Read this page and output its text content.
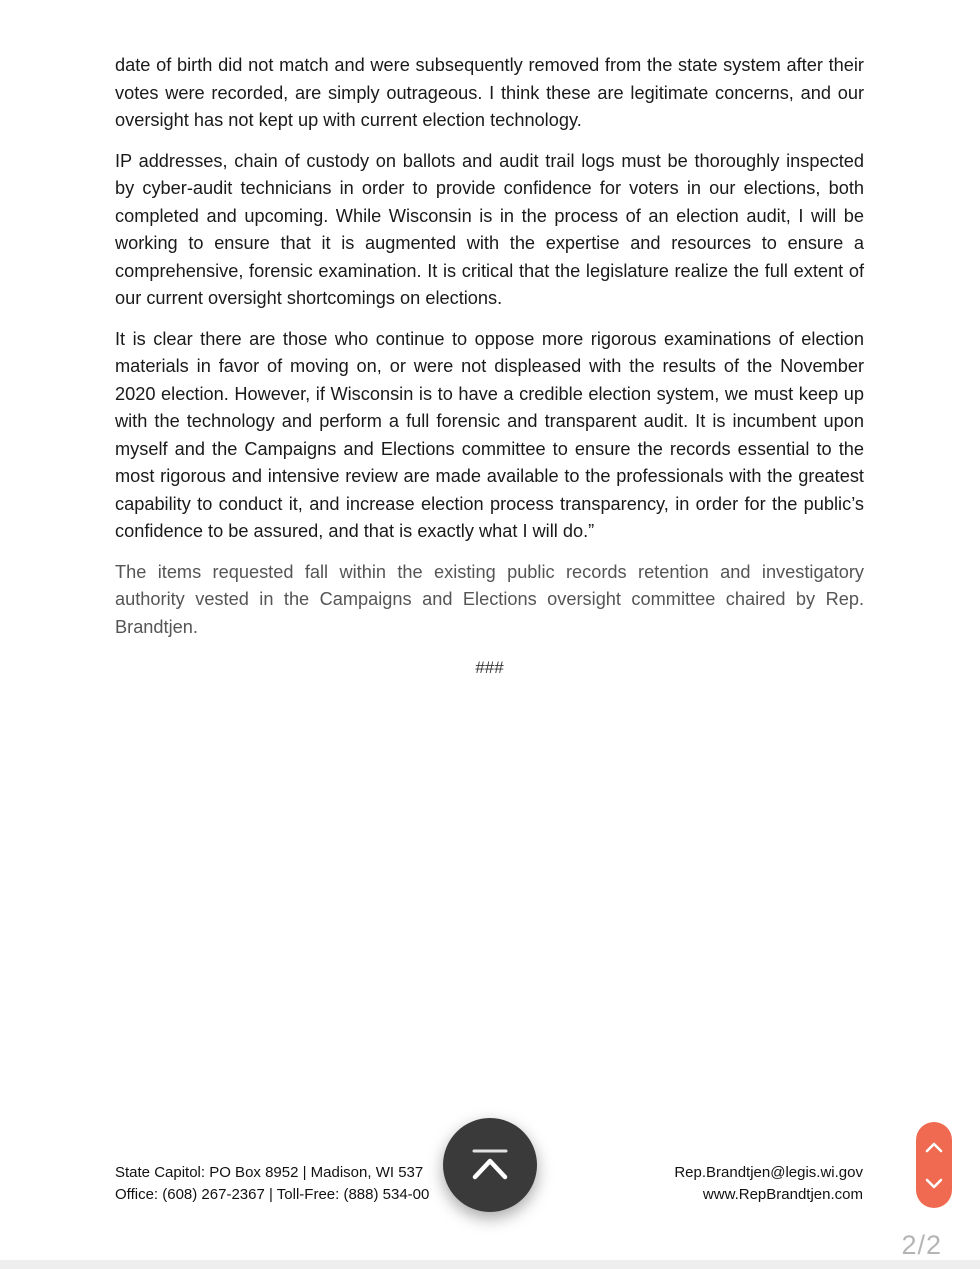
date of birth did not match and were subsequently removed from the state system after their votes were recorded, are simply outrageous. I think these are legitimate concerns, and our oversight has not kept up with current election technology.

IP addresses, chain of custody on ballots and audit trail logs must be thoroughly inspected by cyber-audit technicians in order to provide confidence for voters in our elections, both completed and upcoming. While Wisconsin is in the process of an election audit, I will be working to ensure that it is augmented with the expertise and resources to ensure a comprehensive, forensic examination. It is critical that the legislature realize the full extent of our current oversight shortcomings on elections.

It is clear there are those who continue to oppose more rigorous examinations of election materials in favor of moving on, or were not displeased with the results of the November 2020 election. However, if Wisconsin is to have a credible election system, we must keep up with the technology and perform a full forensic and transparent audit. It is incumbent upon myself and the Campaigns and Elections committee to ensure the records essential to the most rigorous and intensive review are made available to the professionals with the greatest capability to conduct it, and increase election process transparency, in order for the public’s confidence to be assured, and that is exactly what I will do.”

The items requested fall within the existing public records retention and investigatory authority vested in the Campaigns and Elections oversight committee chaired by Rep. Brandtjen.

###

State Capitol: PO Box 8952 | Madison, WI 537
Office: (608) 267-2367 | Toll-Free: (888) 534-00
Rep.Brandtjen@legis.wi.gov
www.RepBrandtjen.com
2/2
